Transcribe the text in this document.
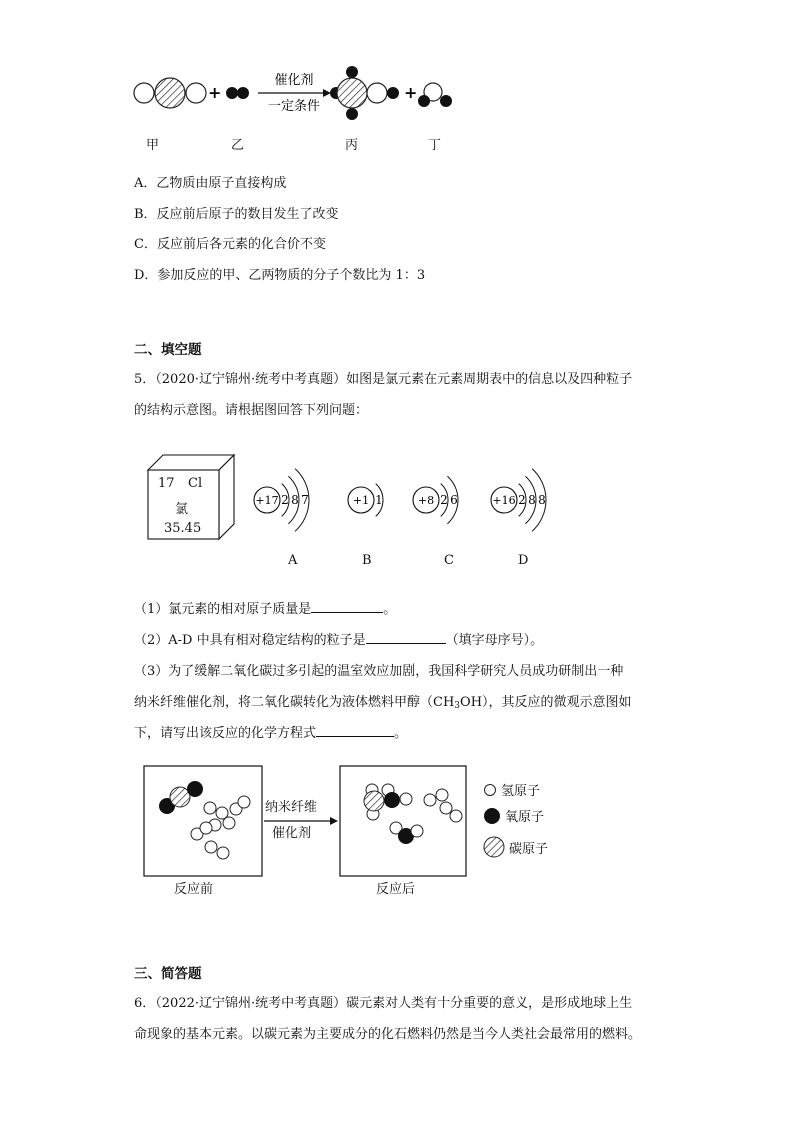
+
催化剂
一定条件
+
甲	乙	丙	丁
A．乙物质由原子直接构成
B．反应前后原子的数目发生了改变
C．反应前后各元素的化合价不变
D．参加反应的甲、乙两物质的分子个数比为 1：3
二、填空题
5．（2020·辽宁锦州·统考中考真题）如图是氯元素在元素周期表中的信息以及四种粒子
的结构示意图。请根据图回答下列问题：
17 Cl
氯
35.45
+17 2 8 7	+1 1	+8 2 6	+16 2 8 8
A	B	C	D
（1）氯元素的相对原子质量是	。
（2）A-D 中具有相对稳定结构的粒子是	（填字母序号）。
（3）为了缓解二氧化碳过多引起的温室效应加剧，我国科学研究人员成功研制出一种
纳米纤维催化剂，将二氧化碳转化为液体燃料甲醇$(CH_3OH)$，其反应的微观示意图如
下，请写出该反应的化学方程式	。
纳米纤维
催化剂
反应前	反应后
氢原子
氧原子
碳原子
三、简答题
6．（2022·辽宁锦州·统考中考真题）碳元素对人类有十分重要的意义，是形成地球上生
命现象的基本元素。以碳元素为主要成分的化石燃料仍然是当今人类社会最常用的燃料。
